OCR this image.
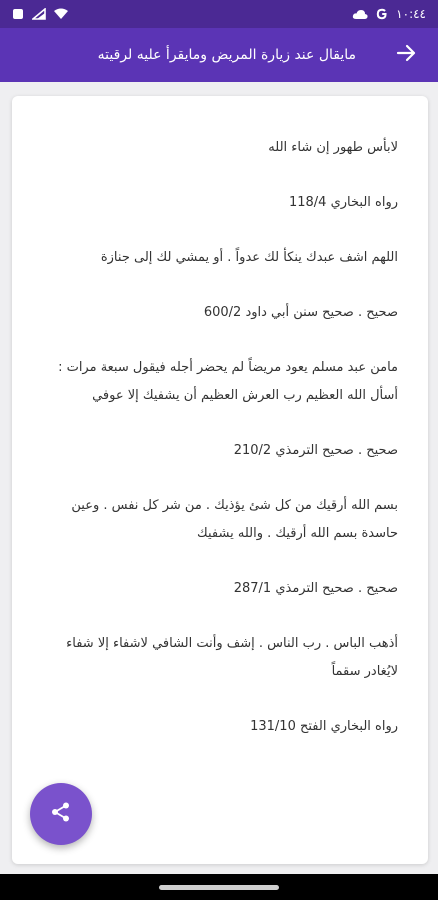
١٠:٤٤
مايقال عند زيارة المريض ومايقرأ عليه لرقيته

لابأس طهور إن شاء الله

رواه البخاري 118/4

اللهم اشف عبدك ينكأ لك عدواً . أو يمشي لك إلى جنازة

صحيح . صحيح سنن أبي داود 600/2

مامن عبد مسلم يعود مريضاً لم يحضر أجله فيقول سبعة مرات : أسأل الله العظيم رب العرش العظيم أن يشفيك إلا عوفي

صحيح . صحيح الترمذي 210/2

بسم الله أرقيك من كل شئ يؤذيك . من شر كل نفس . وعين حاسدة بسم الله أرقيك . والله يشفيك

صحيح . صحيح الترمذي 287/1

أذهب الباس . رب الناس . إشف وأنت الشافي لاشفاء إلا شفاء لايُغادر سقماً

رواه البخاري الفتح 131/10
